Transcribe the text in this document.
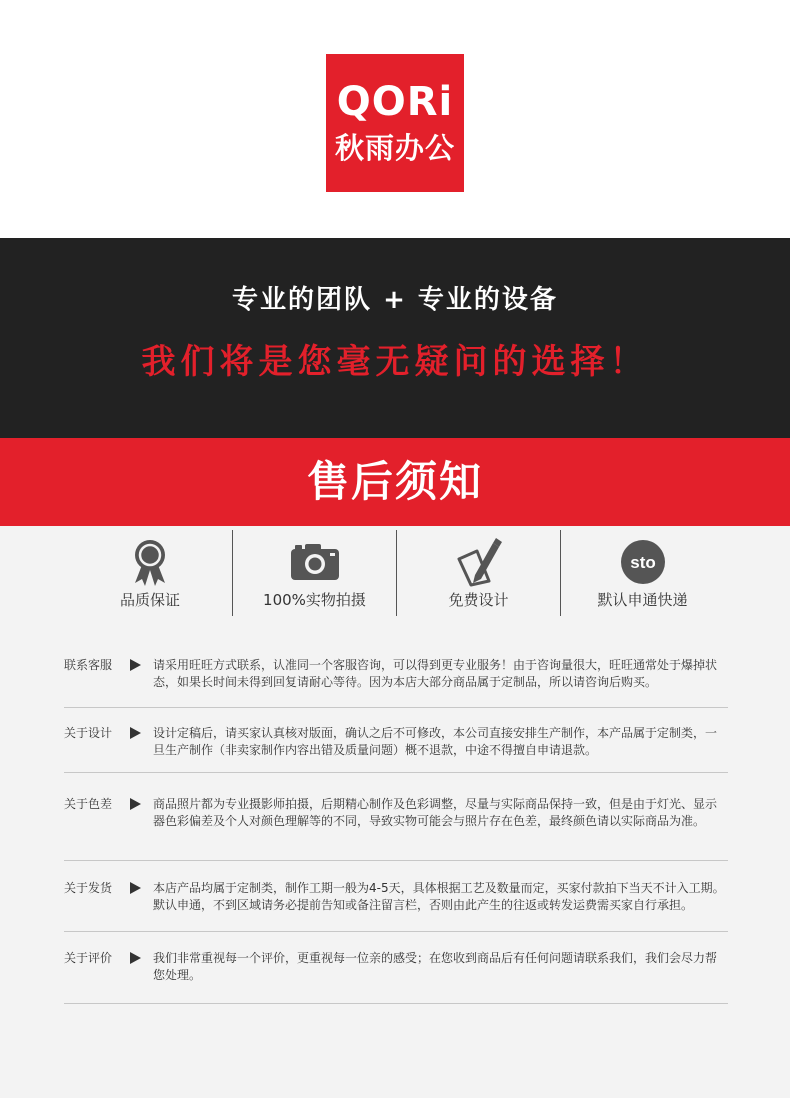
QORi
秋雨办公
专业的团队 + 专业的设备
我们将是您毫无疑问的选择！
售后须知
品质保证	100%实物拍摄	免费设计
sto
默认申通快递
联系客服	请采用旺旺方式联系，认准同一个客服咨询，可以得到更专业服务！由于咨询量很大，旺旺通常处于爆掉状态，如果长时间未得到回复请耐心等待。因为本店大部分商品属于定制品，所以请咨询后购买。
关于设计	设计定稿后，请买家认真核对版面，确认之后不可修改，本公司直接安排生产制作，本产品属于定制类，一旦生产制作（非卖家制作内容出错及质量问题）概不退款，中途不得擅自申请退款。
关于色差	商品照片都为专业摄影师拍摄，后期精心制作及色彩调整，尽量与实际商品保持一致，但是由于灯光、显示器色彩偏差及个人对颜色理解等的不同，导致实物可能会与照片存在色差，最终颜色请以实际商品为准。
关于发货	本店产品均属于定制类，制作工期一般为4-5天，具体根据工艺及数量而定，买家付款拍下当天不计入工期。默认申通，不到区域请务必提前告知或备注留言栏，否则由此产生的往返或转发运费需买家自行承担。
关于评价	我们非常重视每一个评价，更重视每一位亲的感受；在您收到商品后有任何问题请联系我们，我们会尽力帮您处理。
